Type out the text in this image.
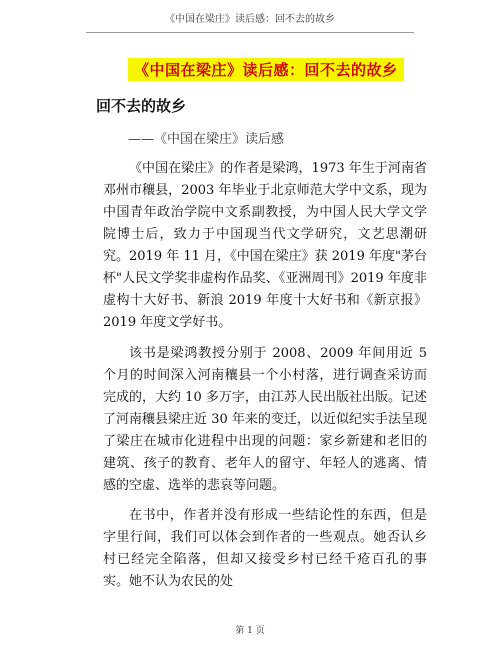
《中国在梁庄》读后感：回不去的故乡
《中国在梁庄》读后感：回不去的故乡
回不去的故乡
——《中国在梁庄》读后感

《中国在梁庄》的作者是梁鸿，1973 年生于河南省邓州市穰县，2003 年毕业于北京师范大学中文系，现为中国青年政治学院中文系副教授，为中国人民大学文学院博士后，致力于中国现当代文学研究，文艺思潮研究。2019 年 11 月，《中国在梁庄》获 2019 年度"茅台杯"人民文学奖非虚构作品奖、《亚洲周刊》2019 年度非虚构十大好书、新浪 2019 年度十大好书和《新京报》2019 年度文学好书。

该书是梁鸿教授分别于 2008、2009 年间用近 5 个月的时间深入河南穰县一个小村落，进行调查采访而完成的，大约 10 多万字，由江苏人民出版社出版。记述了河南穰县梁庄近 30 年来的变迁，以近似纪实手法呈现了梁庄在城市化进程中出现的问题：家乡新建和老旧的建筑、孩子的教育、老年人的留守、年轻人的逃离、情感的空虚、选举的悲哀等问题。

在书中，作者并没有形成一些结论性的东西，但是字里行间，我们可以体会到作者的一些观点。她否认乡村已经完全陷落，但却又接受乡村已经千疮百孔的事实。她不认为农民的处

第 1 页
